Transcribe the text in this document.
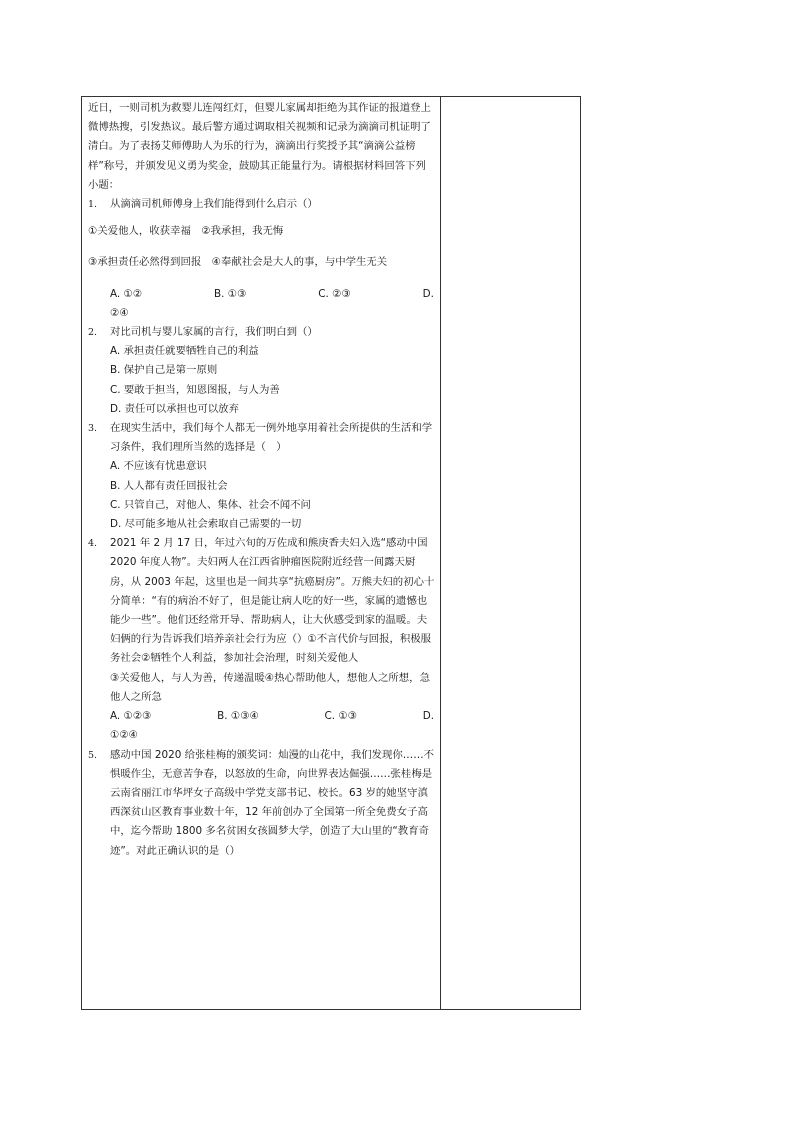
近日，一则司机为救婴儿连闯红灯，但婴儿家属却拒绝为其作证的报道登上微博热搜，引发热议。最后警方通过调取相关视频和记录为滴滴司机证明了清白。为了表扬艾师傅助人为乐的行为，滴滴出行奖授予其“滴滴公益榜样”称号，并颁发见义勇为奖金，鼓励其正能量行为。请根据材料回答下列小题：

1.	从滴滴司机师傅身上我们能得到什么启示（）

①关爱他人，收获幸福　②我承担，我无悔

③承担责任必然得到回报　④奉献社会是大人的事，与中学生无关

A. ①②	B. ①③	C. ②③	D.

②④

2.	对比司机与婴儿家属的言行，我们明白到（）

A. 承担责任就要牺牲自己的利益

B. 保护自己是第一原则

C. 要敢于担当，知恩图报，与人为善

D. 责任可以承担也可以放弃

3.	在现实生活中，我们每个人都无一例外地享用着社会所提供的生活和学习条件，我们理所当然的选择是（　）

A. 不应该有忧患意识

B. 人人都有责任回报社会

C. 只管自己，对他人、集体、社会不闻不问

D. 尽可能多地从社会索取自己需要的一切

4.	2021 年 2 月 17 日，年过六旬的万佐成和熊庚香夫妇入选“感动中国 2020 年度人物”。夫妇两人在江西省肿瘤医院附近经营一间露天厨房，从 2003 年起，这里也是一间共享“抗癌厨房”。万熊夫妇的初心十分简单：“有的病治不好了，但是能让病人吃的好一些，家属的遗憾也能少一些”。他们还经常开导、帮助病人，让大伙感受到家的温暖。夫妇俩的行为告诉我们培养亲社会行为应（）①不言代价与回报，积极服务社会②牺牲个人利益，参加社会治理，时刻关爱他人

③关爱他人，与人为善，传递温暖④热心帮助他人，想他人之所想，急他人之所急

A. ①②③	B. ①③④	C. ①③	D.

①②④

5.	感动中国 2020 给张桂梅的颁奖词：灿漫的山花中，我们发现你……不惧暖作尘，无意苦争春，以怒放的生命，向世界表达倔强……张桂梅是云南省丽江市华坪女子高级中学党支部书记、校长。63 岁的她坚守滇西深贫山区教育事业数十年，12 年前创办了全国第一所全免费女子高中，迄今帮助 1800 多名贫困女孩圆梦大学，创造了大山里的“教育奇迹”。对此正确认识的是（）
